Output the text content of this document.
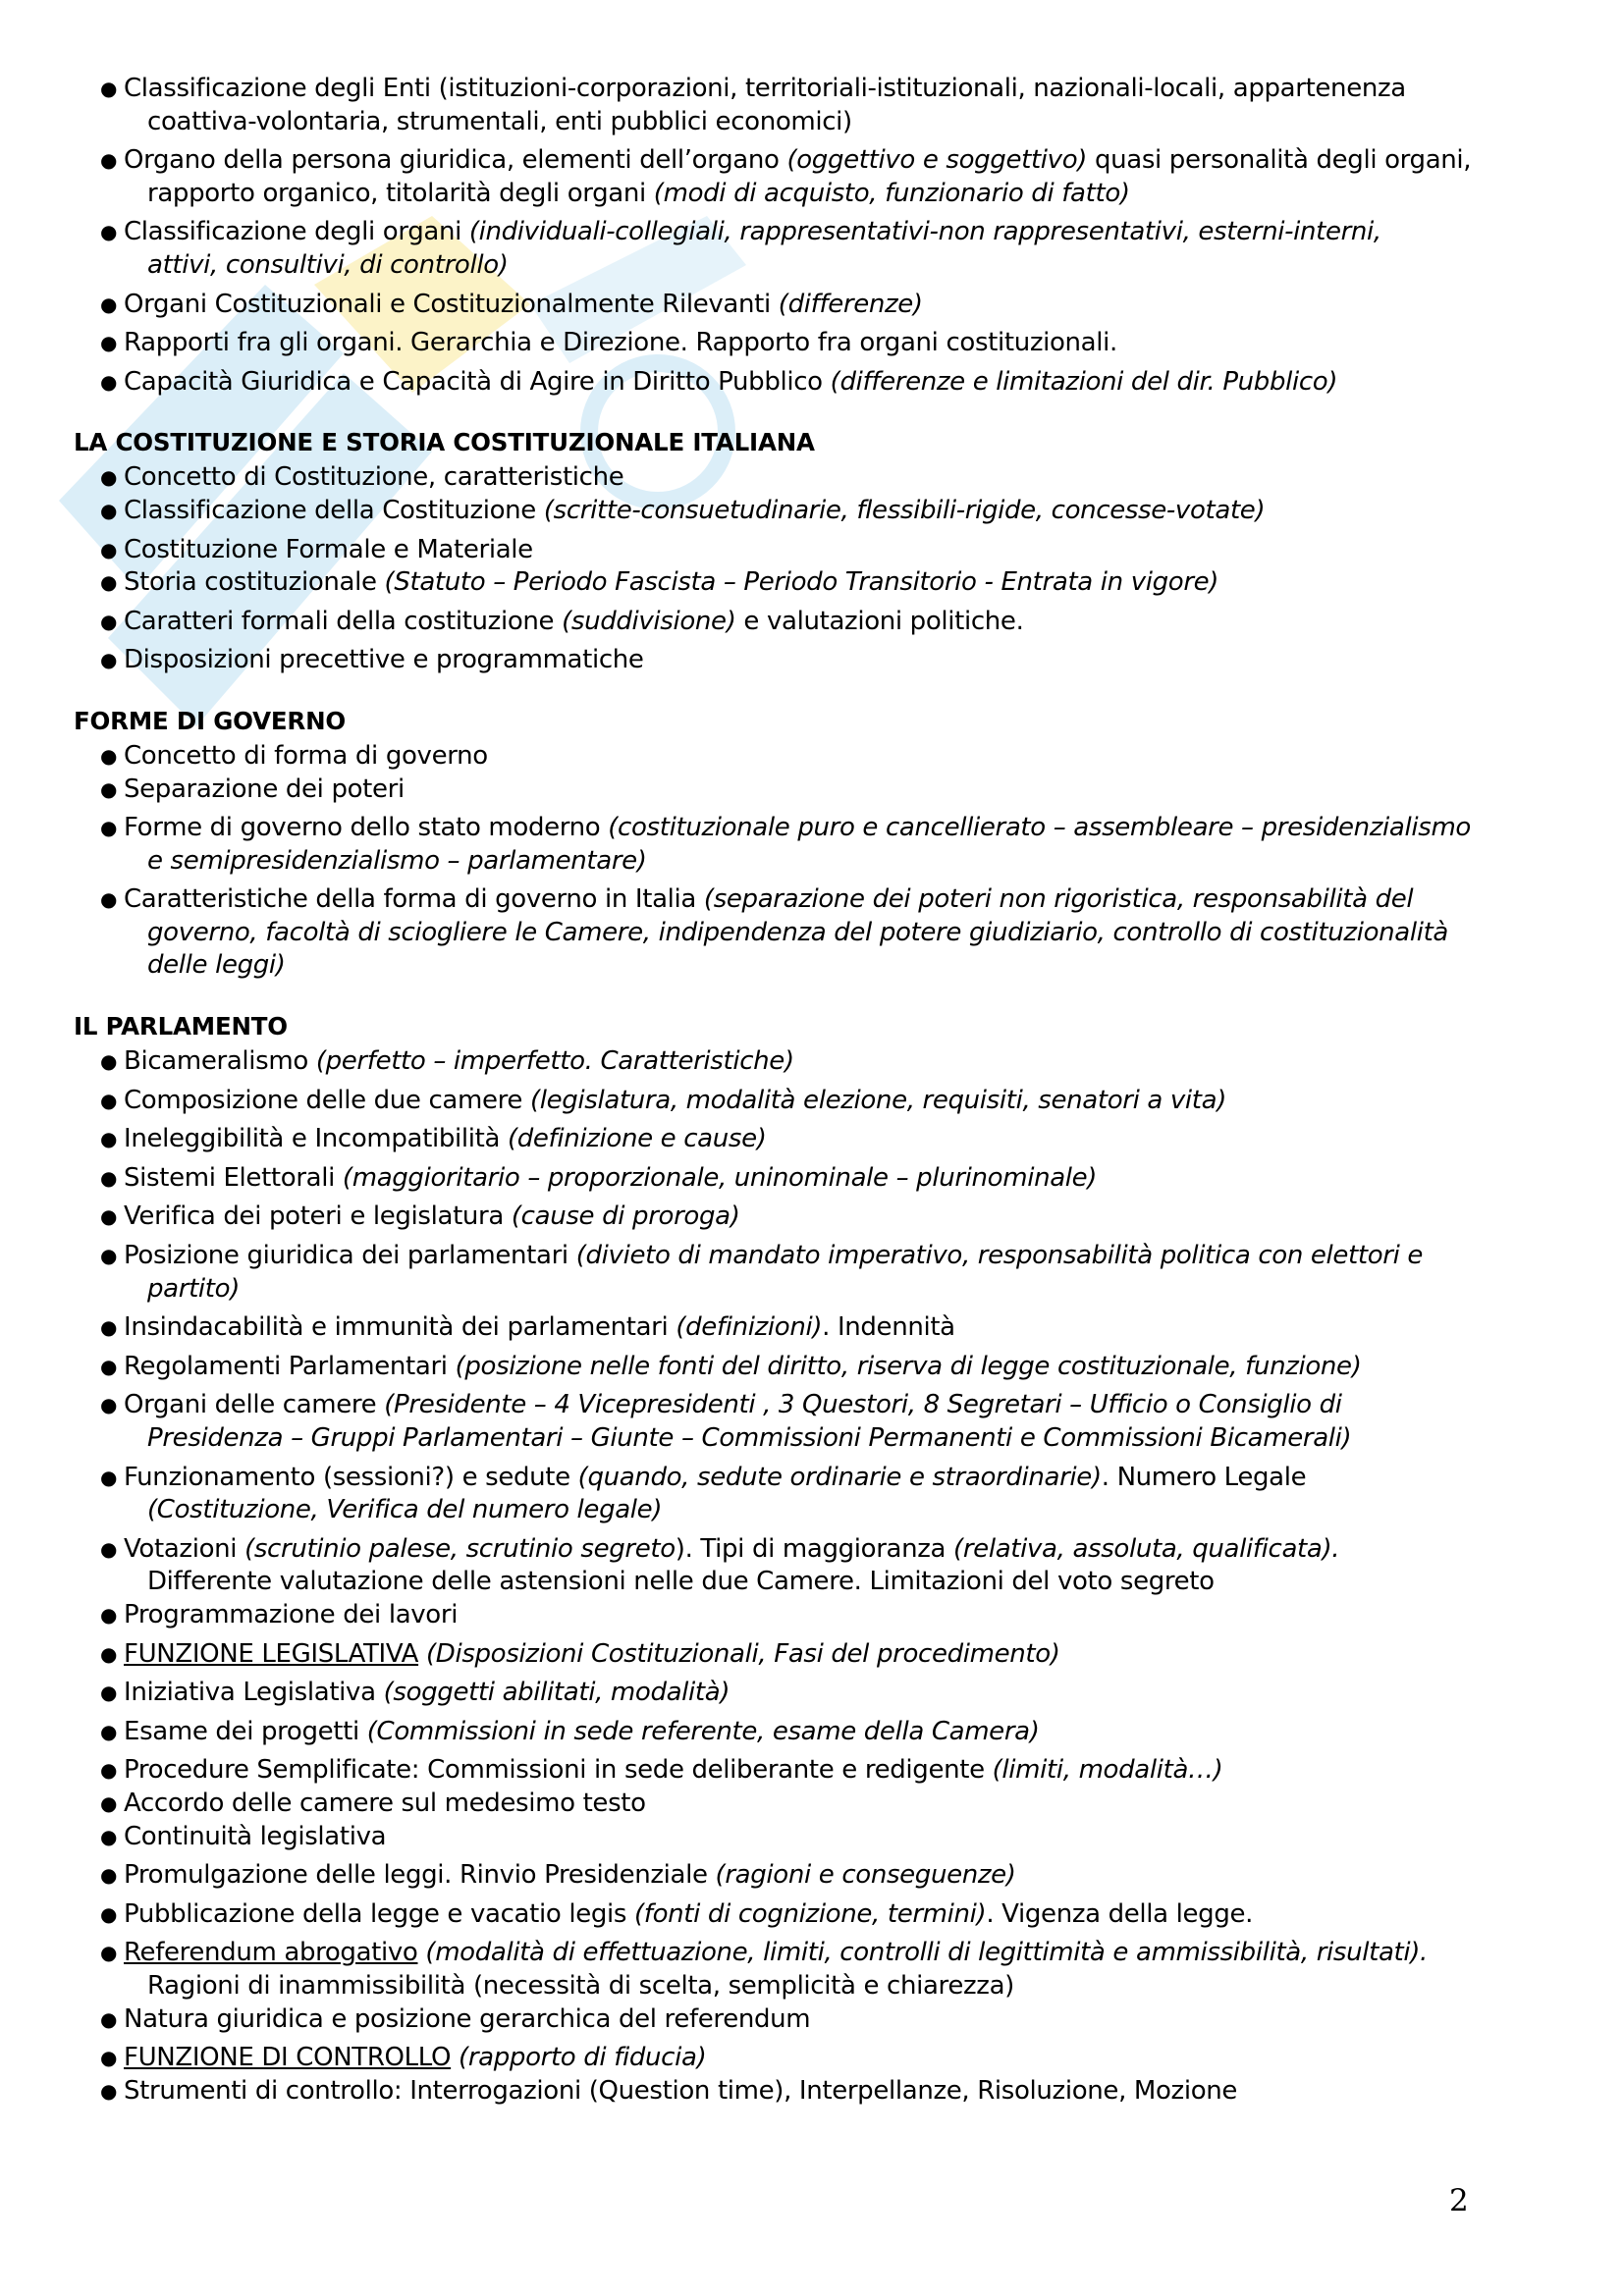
● Classificazione degli Enti (istituzioni-corporazioni, territoriali-istituzionali, nazionali-locali, appartenenza
coattiva-volontaria, strumentali, enti pubblici economici)
● Organo della persona giuridica, elementi dell’organo (oggettivo e soggettivo) quasi personalità degli organi,
rapporto organico, titolarità degli organi (modi di acquisto, funzionario di fatto)
● Classificazione degli organi (individuali-collegiali, rappresentativi-non rappresentativi, esterni-interni,
attivi, consultivi, di controllo)
● Organi Costituzionali e Costituzionalmente Rilevanti (differenze)
● Rapporti fra gli organi. Gerarchia e Direzione. Rapporto fra organi costituzionali.
● Capacità Giuridica e Capacità di Agire in Diritto Pubblico (differenze e limitazioni del dir. Pubblico)
LA COSTITUZIONE E STORIA COSTITUZIONALE ITALIANA
● Concetto di Costituzione, caratteristiche
● Classificazione della Costituzione (scritte-consuetudinarie, flessibili-rigide, concesse-votate)
● Costituzione Formale e Materiale
● Storia costituzionale (Statuto – Periodo Fascista – Periodo Transitorio - Entrata in vigore)
● Caratteri formali della costituzione (suddivisione) e valutazioni politiche.
● Disposizioni precettive e programmatiche
FORME DI GOVERNO
● Concetto di forma di governo
● Separazione dei poteri
● Forme di governo dello stato moderno (costituzionale puro e cancellierato – assembleare – presidenzialismo
e semipresidenzialismo – parlamentare)
● Caratteristiche della forma di governo in Italia (separazione dei poteri non rigoristica, responsabilità del
governo, facoltà di sciogliere le Camere, indipendenza del potere giudiziario, controllo di costituzionalità
delle leggi)
IL PARLAMENTO
● Bicameralismo (perfetto – imperfetto. Caratteristiche)
● Composizione delle due camere (legislatura, modalità elezione, requisiti, senatori a vita)
● Ineleggibilità e Incompatibilità (definizione e cause)
● Sistemi Elettorali (maggioritario – proporzionale, uninominale – plurinominale)
● Verifica dei poteri e legislatura (cause di proroga)
● Posizione giuridica dei parlamentari (divieto di mandato imperativo, responsabilità politica con elettori e
partito)
● Insindacabilità e immunità dei parlamentari (definizioni). Indennità
● Regolamenti Parlamentari (posizione nelle fonti del diritto, riserva di legge costituzionale, funzione)
● Organi delle camere (Presidente – 4 Vicepresidenti , 3 Questori, 8 Segretari – Ufficio o Consiglio di
Presidenza – Gruppi Parlamentari – Giunte – Commissioni Permanenti e Commissioni Bicamerali)
● Funzionamento (sessioni?) e sedute (quando, sedute ordinarie e straordinarie). Numero Legale
(Costituzione, Verifica del numero legale)
● Votazioni (scrutinio palese, scrutinio segreto). Tipi di maggioranza (relativa, assoluta, qualificata).
Differente valutazione delle astensioni nelle due Camere. Limitazioni del voto segreto
● Programmazione dei lavori
● FUNZIONE LEGISLATIVA (Disposizioni Costituzionali, Fasi del procedimento)
● Iniziativa Legislativa (soggetti abilitati, modalità)
● Esame dei progetti (Commissioni in sede referente, esame della Camera)
● Procedure Semplificate: Commissioni in sede deliberante e redigente (limiti, modalità…)
● Accordo delle camere sul medesimo testo
● Continuità legislativa
● Promulgazione delle leggi. Rinvio Presidenziale (ragioni e conseguenze)
● Pubblicazione della legge e vacatio legis (fonti di cognizione, termini). Vigenza della legge.
● Referendum abrogativo (modalità di effettuazione, limiti, controlli di legittimità e ammissibilità, risultati).
Ragioni di inammissibilità (necessità di scelta, semplicità e chiarezza)
● Natura giuridica e posizione gerarchica del referendum
● FUNZIONE DI CONTROLLO (rapporto di fiducia)
● Strumenti di controllo: Interrogazioni (Question time), Interpellanze, Risoluzione, Mozione
2
